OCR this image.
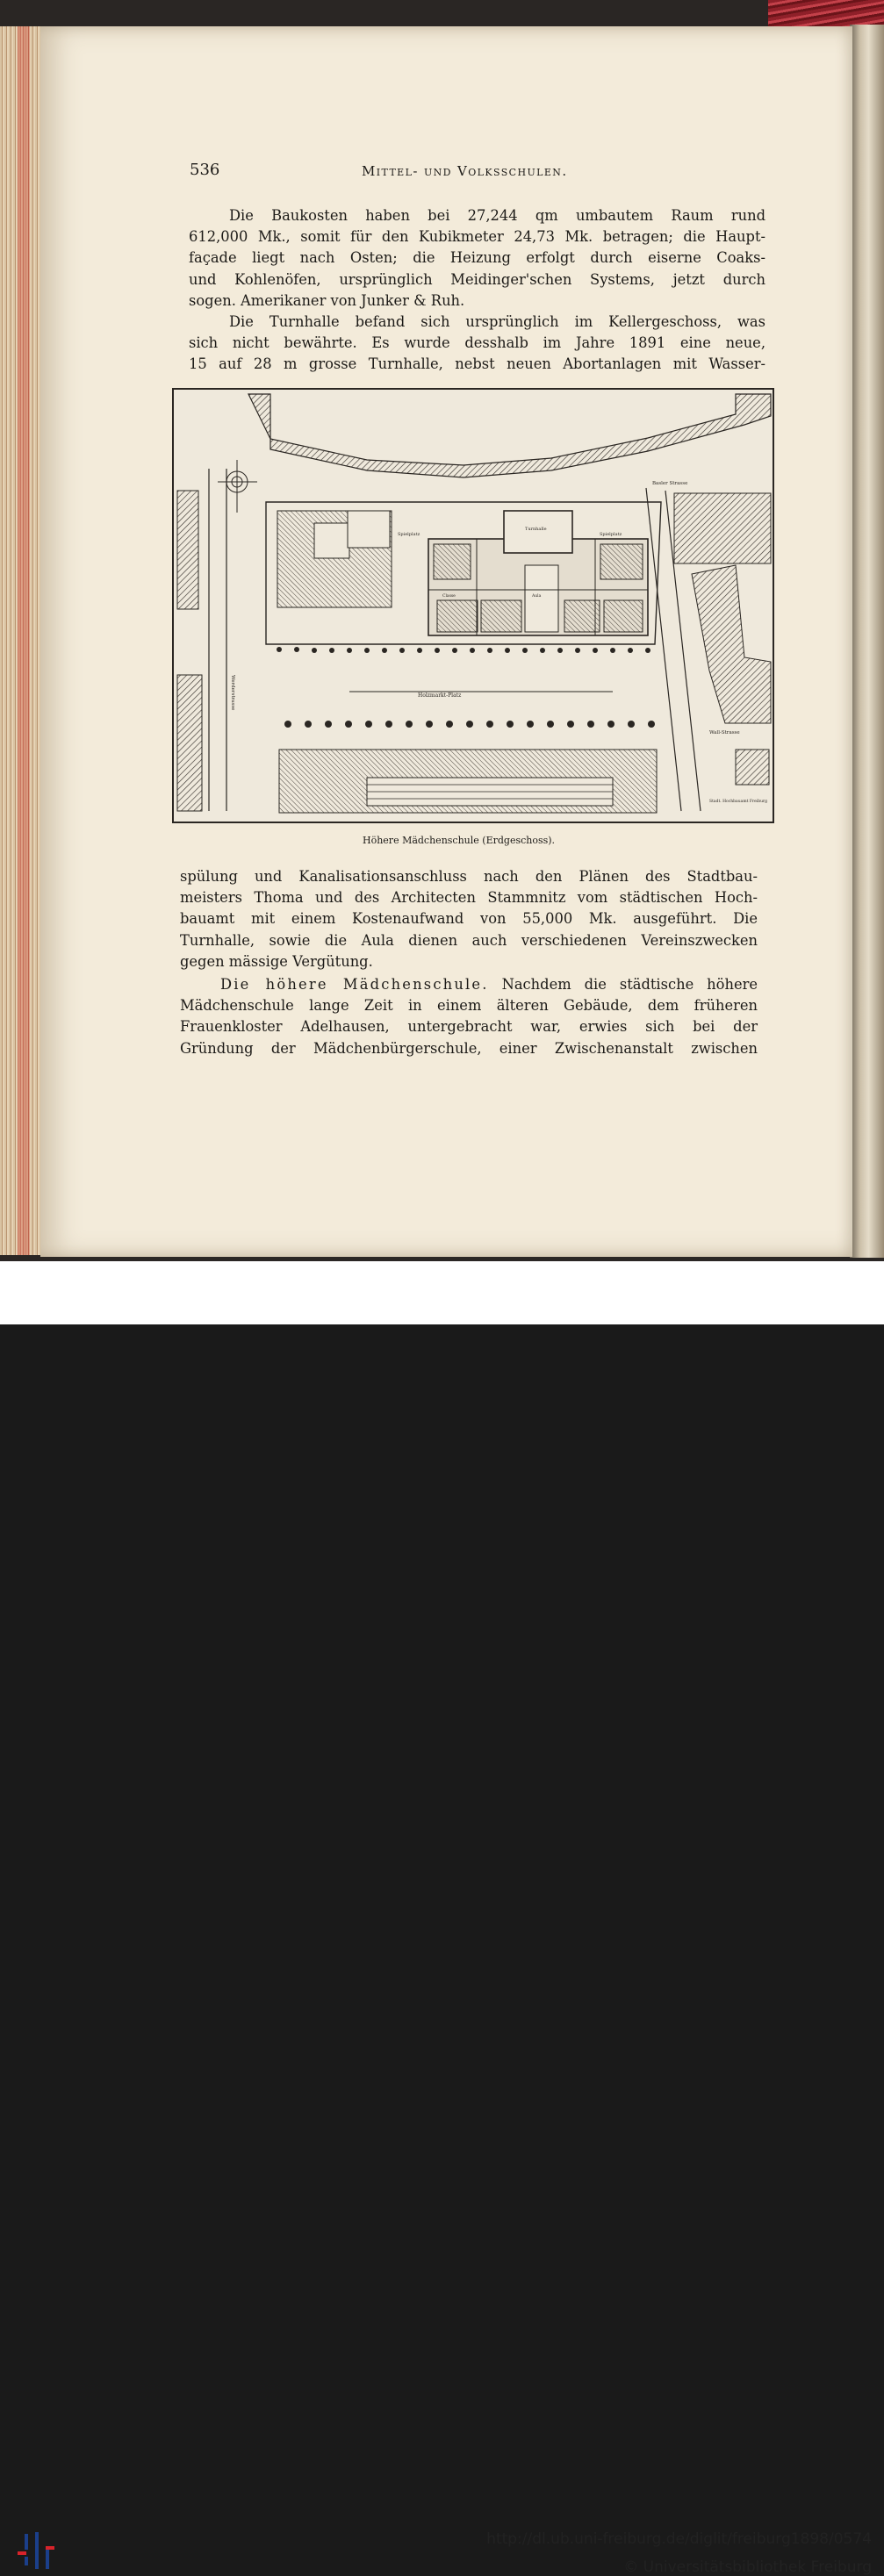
536	Mittel- und Volksschulen.
Die Baukosten haben bei 27,244 qm umbautem Raum rund
612,000 Mk., somit für den Kubikmeter 24,73 Mk. betragen; die Haupt-
façade liegt nach Osten; die Heizung erfolgt durch eiserne Coaks-
und Kohlenöfen, ursprünglich Meidinger'schen Systems, jetzt durch
sogen. Amerikaner von Junker & Ruh.
Die Turnhalle befand sich ursprünglich im Kellergeschoss, was
sich nicht bewährte. Es wurde desshalb im Jahre 1891 eine neue,
15 auf 28 m grosse Turnhalle, nebst neuen Abortanlagen mit Wasser-
Holzmarkt-Platz
Werderstrasse
Basler Strasse
Wall-Strasse
Spielplatz	Spielplatz
Turnhalle
Classe	Aula
Stadt. Hochbauamt Freiburg
Höhere Mädchenschule (Erdgeschoss).
spülung und Kanalisationsanschluss nach den Plänen des Stadtbau-
meisters Thoma und des Architecten Stammnitz vom städtischen Hoch-
bauamt mit einem Kostenaufwand von 55,000 Mk. ausgeführt. Die
Turnhalle, sowie die Aula dienen auch verschiedenen Vereinszwecken
gegen mässige Vergütung.
Die höhere Mädchenschule. Nachdem die städtische höhere
Mädchenschule lange Zeit in einem älteren Gebäude, dem früheren
Frauenkloster Adelhausen, untergebracht war, erwies sich bei der
Gründung der Mädchenbürgerschule, einer Zwischenanstalt zwischen
http://dl.ub.uni-freiburg.de/diglit/freiburg1898/0574
© Universitätsbibliothek Freiburg
